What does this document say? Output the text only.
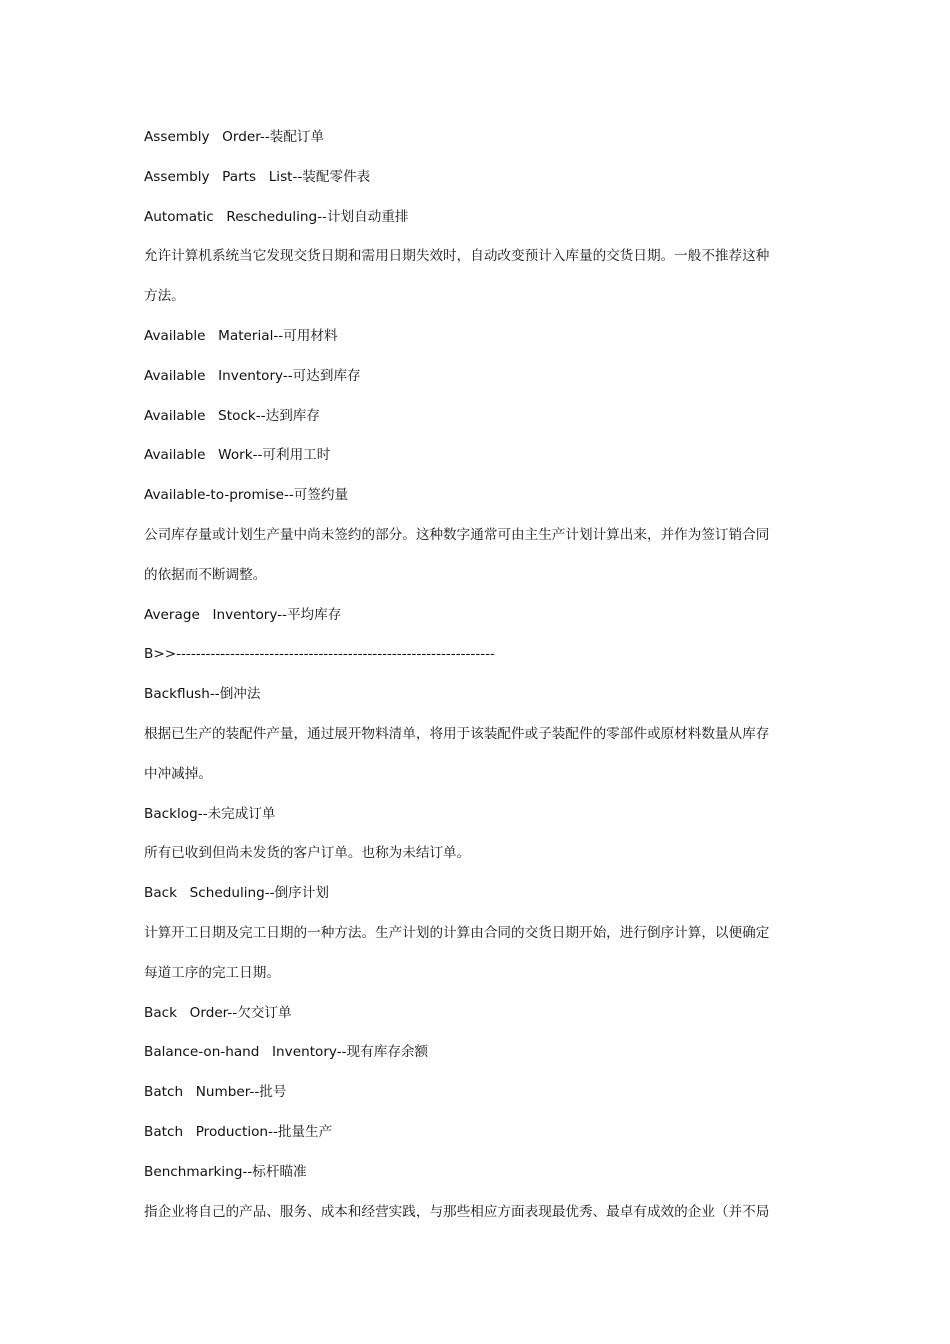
Assembly  Order--装配订单
Assembly  Parts  List--装配零件表
Automatic  Rescheduling--计划自动重排
允许计算机系统当它发现交货日期和需用日期失效时，自动改变预计入库量的交货日期。一般不推荐这种
方法。
Available  Material--可用材料
Available  Inventory--可达到库存
Available  Stock--达到库存
Available  Work--可利用工时
Available-to-promise--可签约量
公司库存量或计划生产量中尚未签约的部分。这种数字通常可由主生产计划计算出来，并作为签订销合同
的依据而不断调整。
Average  Inventory--平均库存
B>>-----------------------------------------------------------------
Backflush--倒冲法
根据已生产的装配件产量，通过展开物料清单，将用于该装配件或子装配件的零部件或原材料数量从库存
中冲减掉。
Backlog--未完成订单
所有已收到但尚未发货的客户订单。也称为未结订单。
Back  Scheduling--倒序计划
计算开工日期及完工日期的一种方法。生产计划的计算由合同的交货日期开始，进行倒序计算，以便确定
每道工序的完工日期。
Back  Order--欠交订单
Balance-on-hand  Inventory--现有库存余额
Batch  Number--批号
Batch  Production--批量生产
Benchmarking--标杆瞄准
指企业将自己的产品、服务、成本和经营实践，与那些相应方面表现最优秀、最卓有成效的企业（并不局
